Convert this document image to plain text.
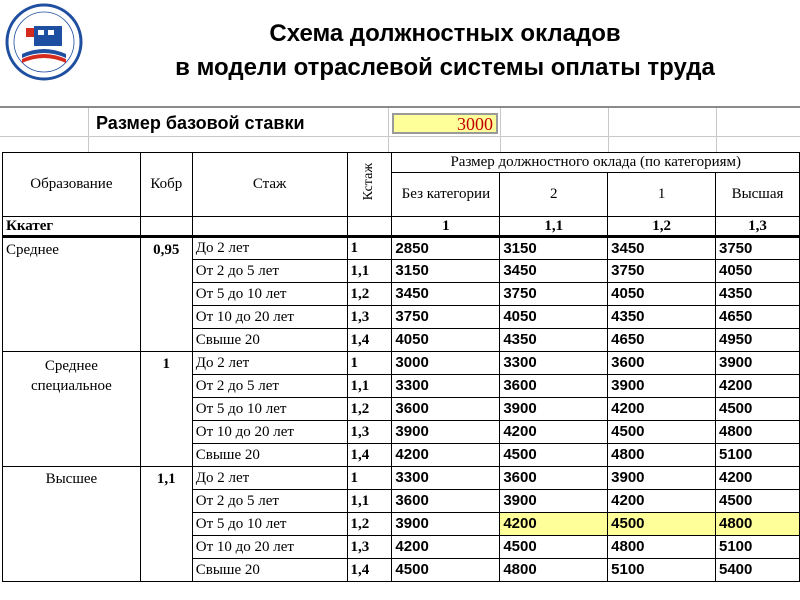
Схема должностных окладов
в модели отраслевой системы оплаты труда
Размер базовой ставки	3000
Образование	Кобр	Стаж	Кстаж	Размер должностного оклада (по категориям)			
				Без категории	2	1	Высшая
Ккатег				1	1,1	1,2	1,3
Среднее	0,95	До 2 лет	1	2850	3150	3450	3750
		От 2 до 5 лет	1,1	3150	3450	3750	4050
		От 5 до 10 лет	1,2	3450	3750	4050	4350
		От 10 до 20 лет	1,3	3750	4050	4350	4650
		Свыше 20	1,4	4050	4350	4650	4950

Среднее
специальное	1	До 2 лет	1	3000	3300	3600	3900
		От 2 до 5 лет	1,1	3300	3600	3900	4200
		От 5 до 10 лет	1,2	3600	3900	4200	4500
		От 10 до 20 лет	1,3	3900	4200	4500	4800
		Свыше 20	1,4	4200	4500	4800	5100
Высшее	1,1	До 2 лет	1	3300	3600	3900	4200
		От 2 до 5 лет	1,1	3600	3900	4200	4500
		От 5 до 10 лет	1,2	3900	4200	4500	4800
		От 10 до 20 лет	1,3	4200	4500	4800	5100
		Свыше 20	1,4	4500	4800	5100	5400
